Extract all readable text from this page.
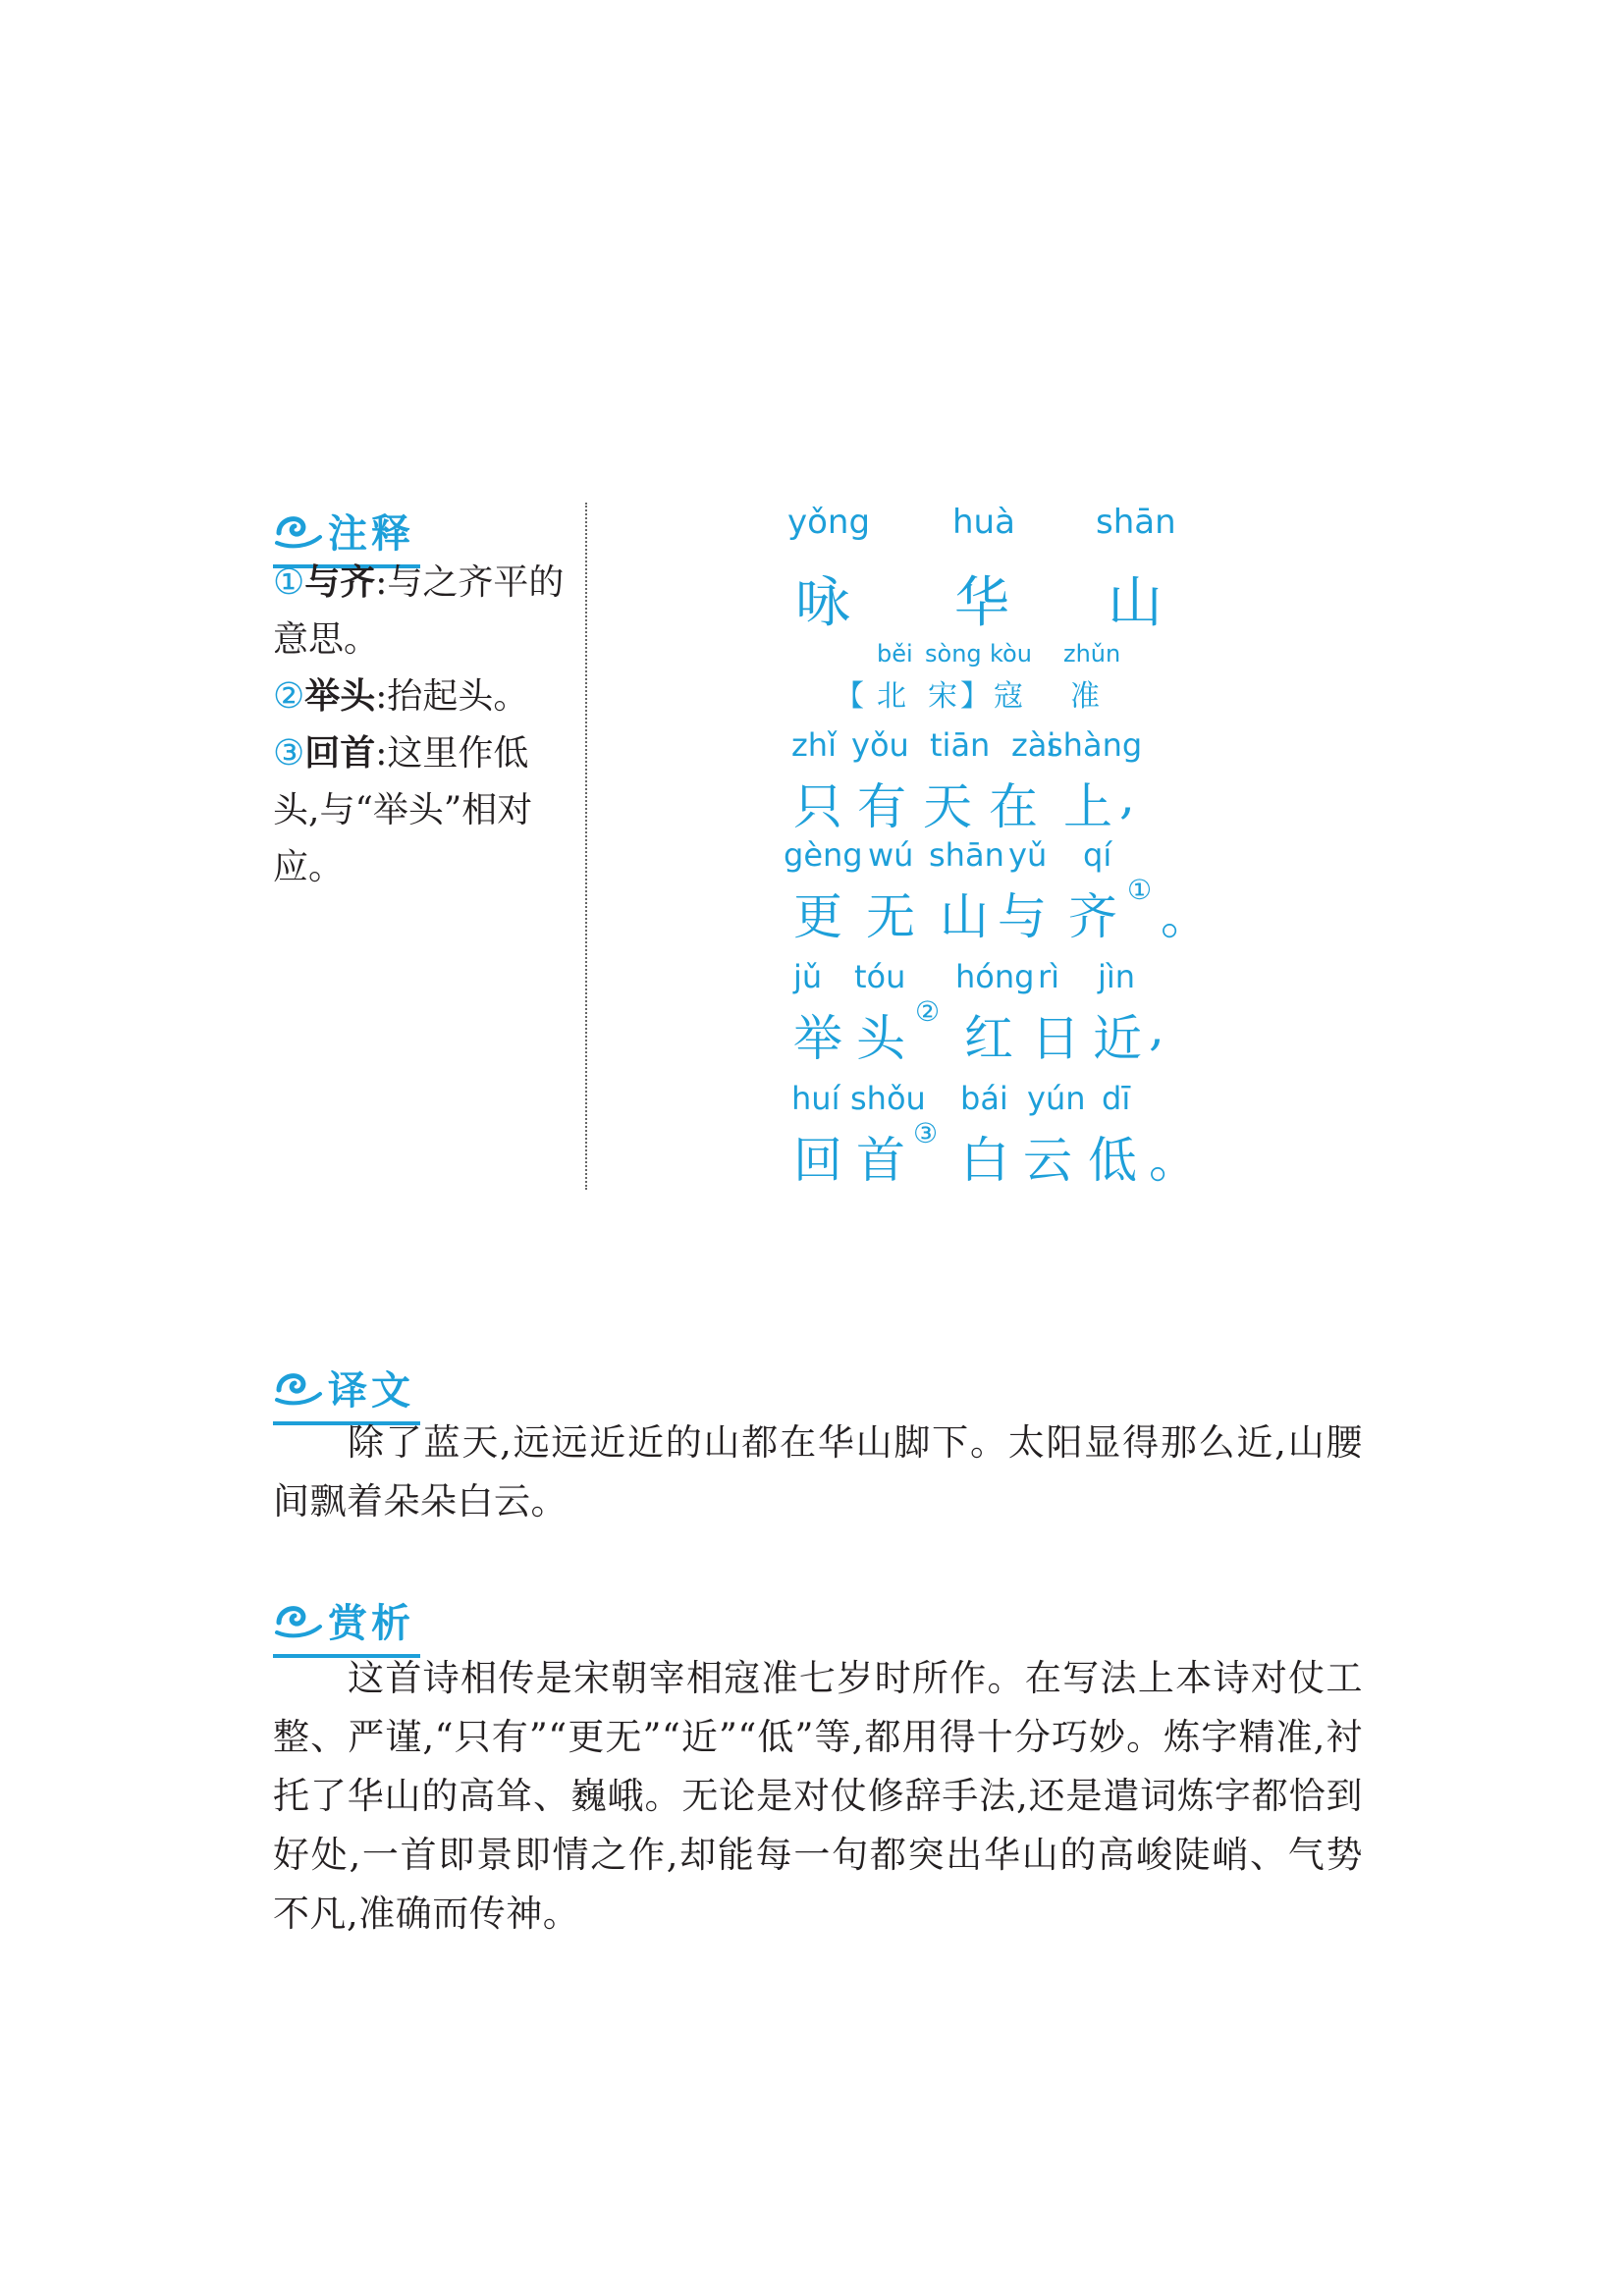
注释
①与齐:与之齐平的意思。
②举头:抬起头。
③回首:这里作低头,与“举头”相对应。
yǒng huà shān
咏 华 山
běi sòng kòu zhǔn
【 北 宋 】 寇 准
zhǐ yǒu tiān zài
shàng
只 有 天 在 上 ,
gèng wú shān yǔ qí
更 无 山 与 齐 ① 。
jǔ tóu hóng rì jìn
举 头 ② 红 日 近 ,
huí shǒu bái yún dī
回 首 ③ 白 云 低 。
译文
除了蓝天,远远近近的山都在华山脚下。太阳显得那么近,山腰间飘着朵朵白云。
赏析
这首诗相传是宋朝宰相寇准七岁时所作。在写法上本诗对仗工整、严谨,“只有”“更无”“近”“低”等,都用得十分巧妙。炼字精准,衬托了华山的高耸、巍峨。无论是对仗修辞手法,还是遣词炼字都恰到好处,一首即景即情之作,却能每一句都突出华山的高峻陡峭、气势不凡,准确而传神。
